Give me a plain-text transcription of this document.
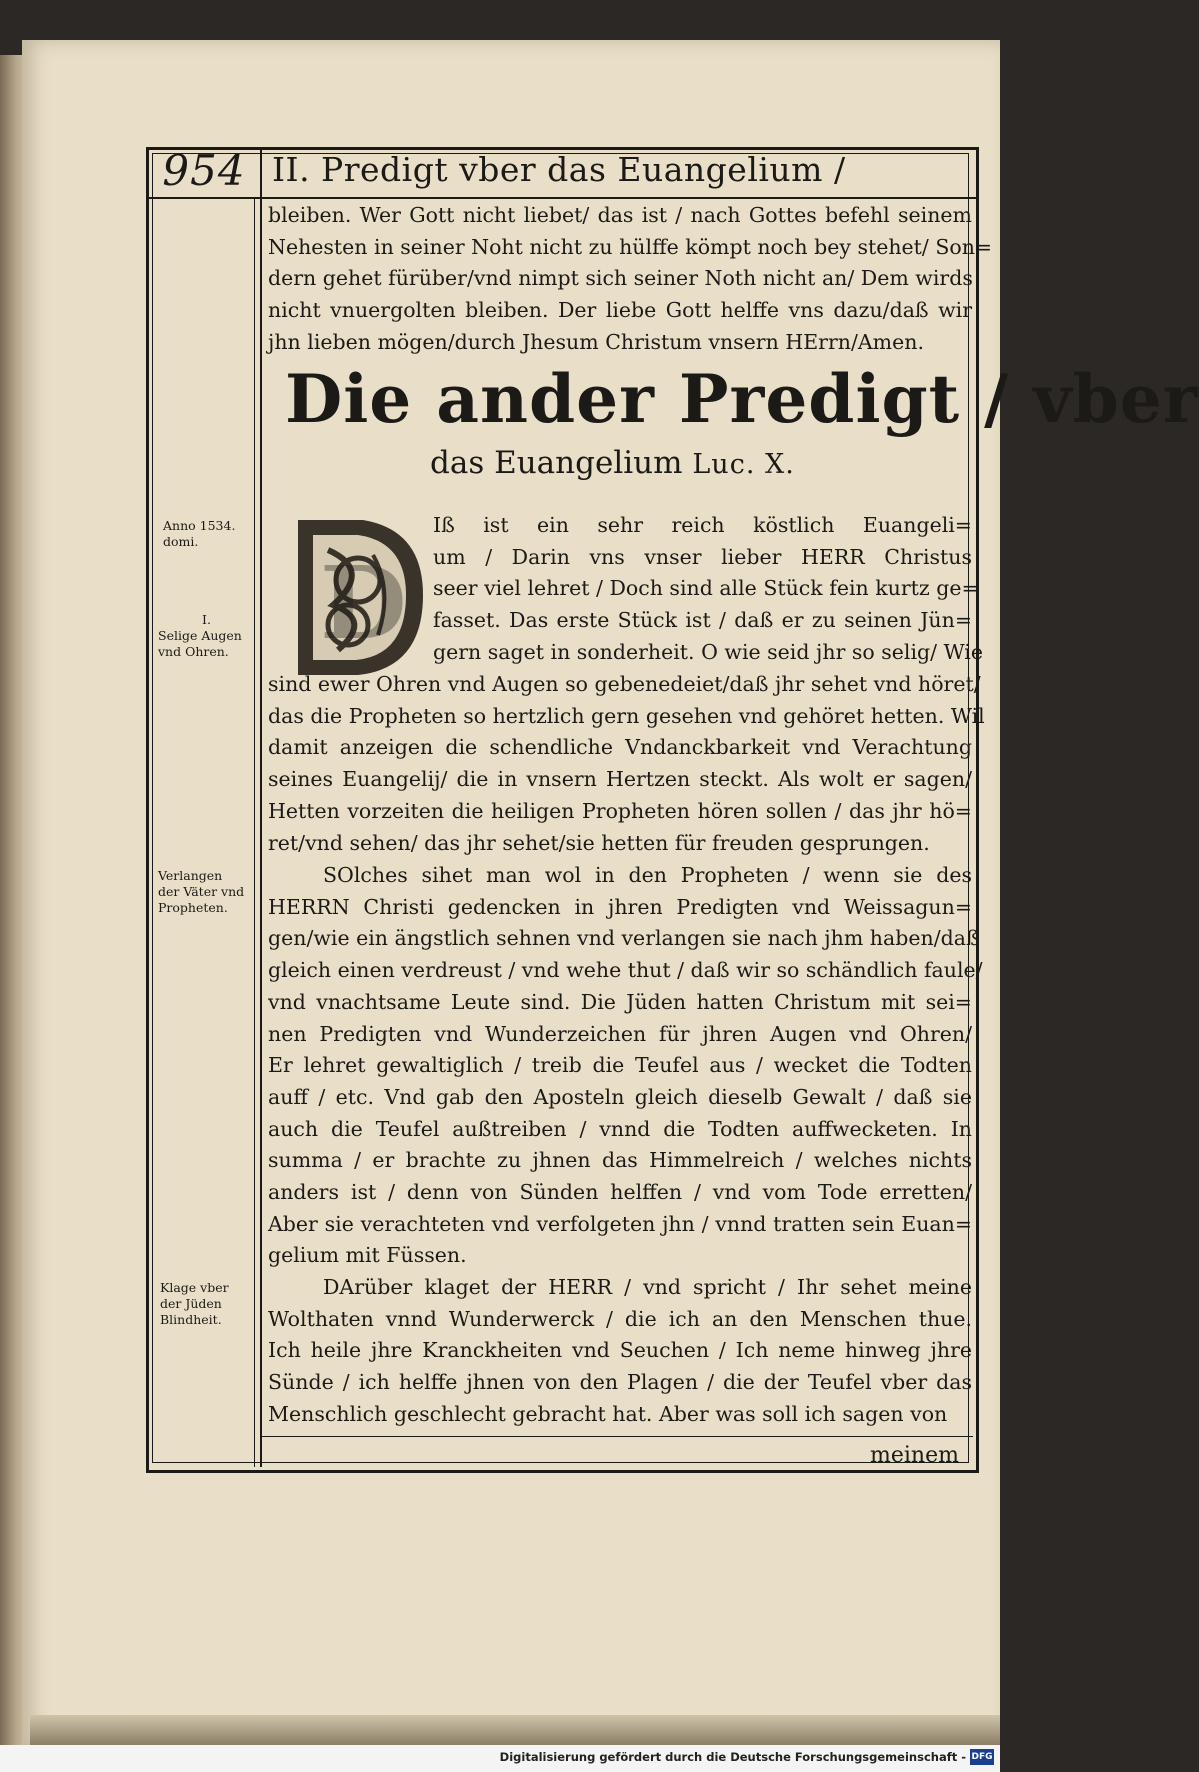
954 II. Predigt vber das Euangelium /
bleiben. Wer Gott nicht liebet/ das ist / nach Gottes befehl seinem
Nehesten in seiner Noht nicht zu hülffe kömpt noch bey stehet/ Son=
dern gehet fürüber/vnd nimpt sich seiner Noth nicht an/ Dem wirds
nicht vnuergolten bleiben. Der liebe Gott helffe vns dazu/daß wir
jhn lieben mögen/durch Jhesum Christum vnsern HErrn/Amen.
Die ander Predigt / vber
das Euangelium Luc. X.
D
Iß ist ein sehr reich köstlich Euangeli=
um / Darin vns vnser lieber HERR Christus
seer viel lehret / Doch sind alle Stück fein kurtz ge=
fasset. Das erste Stück ist / daß er zu seinen Jün=
gern saget in sonderheit. O wie seid jhr so selig/ Wie
sind ewer Ohren vnd Augen so gebenedeiet/daß jhr sehet vnd höret/
das die Propheten so hertzlich gern gesehen vnd gehöret hetten. Wil
damit anzeigen die schendliche Vndanckbarkeit vnd Verachtung
seines Euangelij/ die in vnsern Hertzen steckt. Als wolt er sagen/
Hetten vorzeiten die heiligen Propheten hören sollen / das jhr hö=
ret/vnd sehen/ das jhr sehet/sie hetten für freuden gesprungen.
SOlches sihet man wol in den Propheten / wenn sie des
HERRN Christi gedencken in jhren Predigten vnd Weissagun=
gen/wie ein ängstlich sehnen vnd verlangen sie nach jhm haben/daß
gleich einen verdreust / vnd wehe thut / daß wir so schändlich faule/
vnd vnachtsame Leute sind. Die Jüden hatten Christum mit sei=
nen Predigten vnd Wunderzeichen für jhren Augen vnd Ohren/
Er lehret gewaltiglich / treib die Teufel aus / wecket die Todten
auff / etc. Vnd gab den Aposteln gleich dieselb Gewalt / daß sie
auch die Teufel außtreiben / vnnd die Todten auffwecketen. In
summa / er brachte zu jhnen das Himmelreich / welches nichts
anders ist / denn von Sünden helffen / vnd vom Tode erretten/
Aber sie verachteten vnd verfolgeten jhn / vnnd tratten sein Euan=
gelium mit Füssen.
DArüber klaget der HERR / vnd spricht / Ihr sehet meine
Wolthaten vnnd Wunderwerck / die ich an den Menschen thue.
Ich heile jhre Kranckheiten vnd Seuchen / Ich neme hinweg jhre
Sünde / ich helffe jhnen von den Plagen / die der Teufel vber das
Menschlich geschlecht gebracht hat. Aber was soll ich sagen von
meinem
Anno 1534.
domi.
I.
Selige Augen
vnd Ohren.
Verlangen
der Väter vnd
Propheten.
Klage vber
der Jüden
Blindheit.
Digitalisierung gefördert durch die Deutsche Forschungsgemeinschaft - DFG
